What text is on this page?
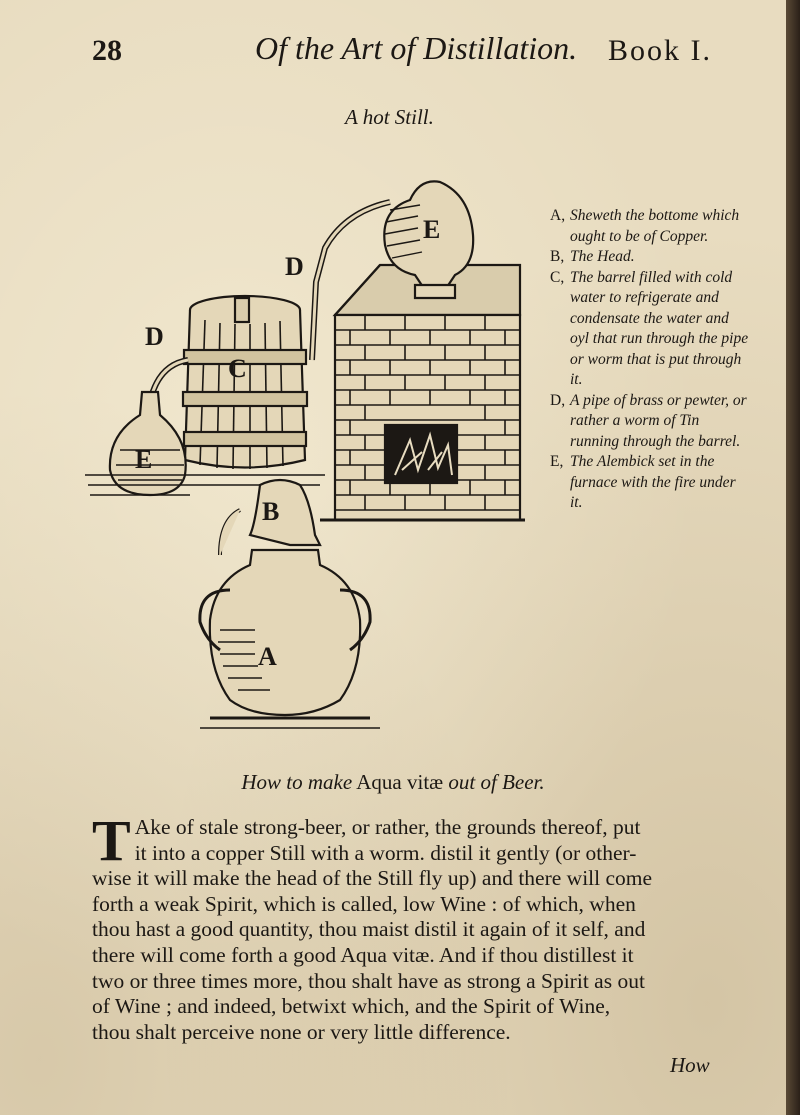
28	Of the Art of Distillation. Book I.
A hot Still.
E
D
D
C
E
B
A
A, Sheweth the bottome which ought to be of Copper.
B, The Head.
C, The barrel filled with cold water to refrigerate and condensate the water and oyl that run through the pipe or worm that is put through it.
D, A pipe of brass or pewter, or rather a worm of Tin running through the barrel.
E, The Alembick set in the furnace with the fire under it.
How to make Aqua vitæ out of Beer.
T Ake of stale strong-beer, or rather, the grounds thereof, put
it into a copper Still with a worm. distil it gently (or other-
wise it will make the head of the Still fly up) and there will come
forth a weak Spirit, which is called, low Wine : of which, when
thou hast a good quantity, thou maist distil it again of it self, and
there will come forth a good Aqua vitæ. And if thou distillest it
two or three times more, thou shalt have as strong a Spirit as out
of Wine ; and indeed, betwixt which, and the Spirit of Wine,
thou shalt perceive none or very little difference.
How
